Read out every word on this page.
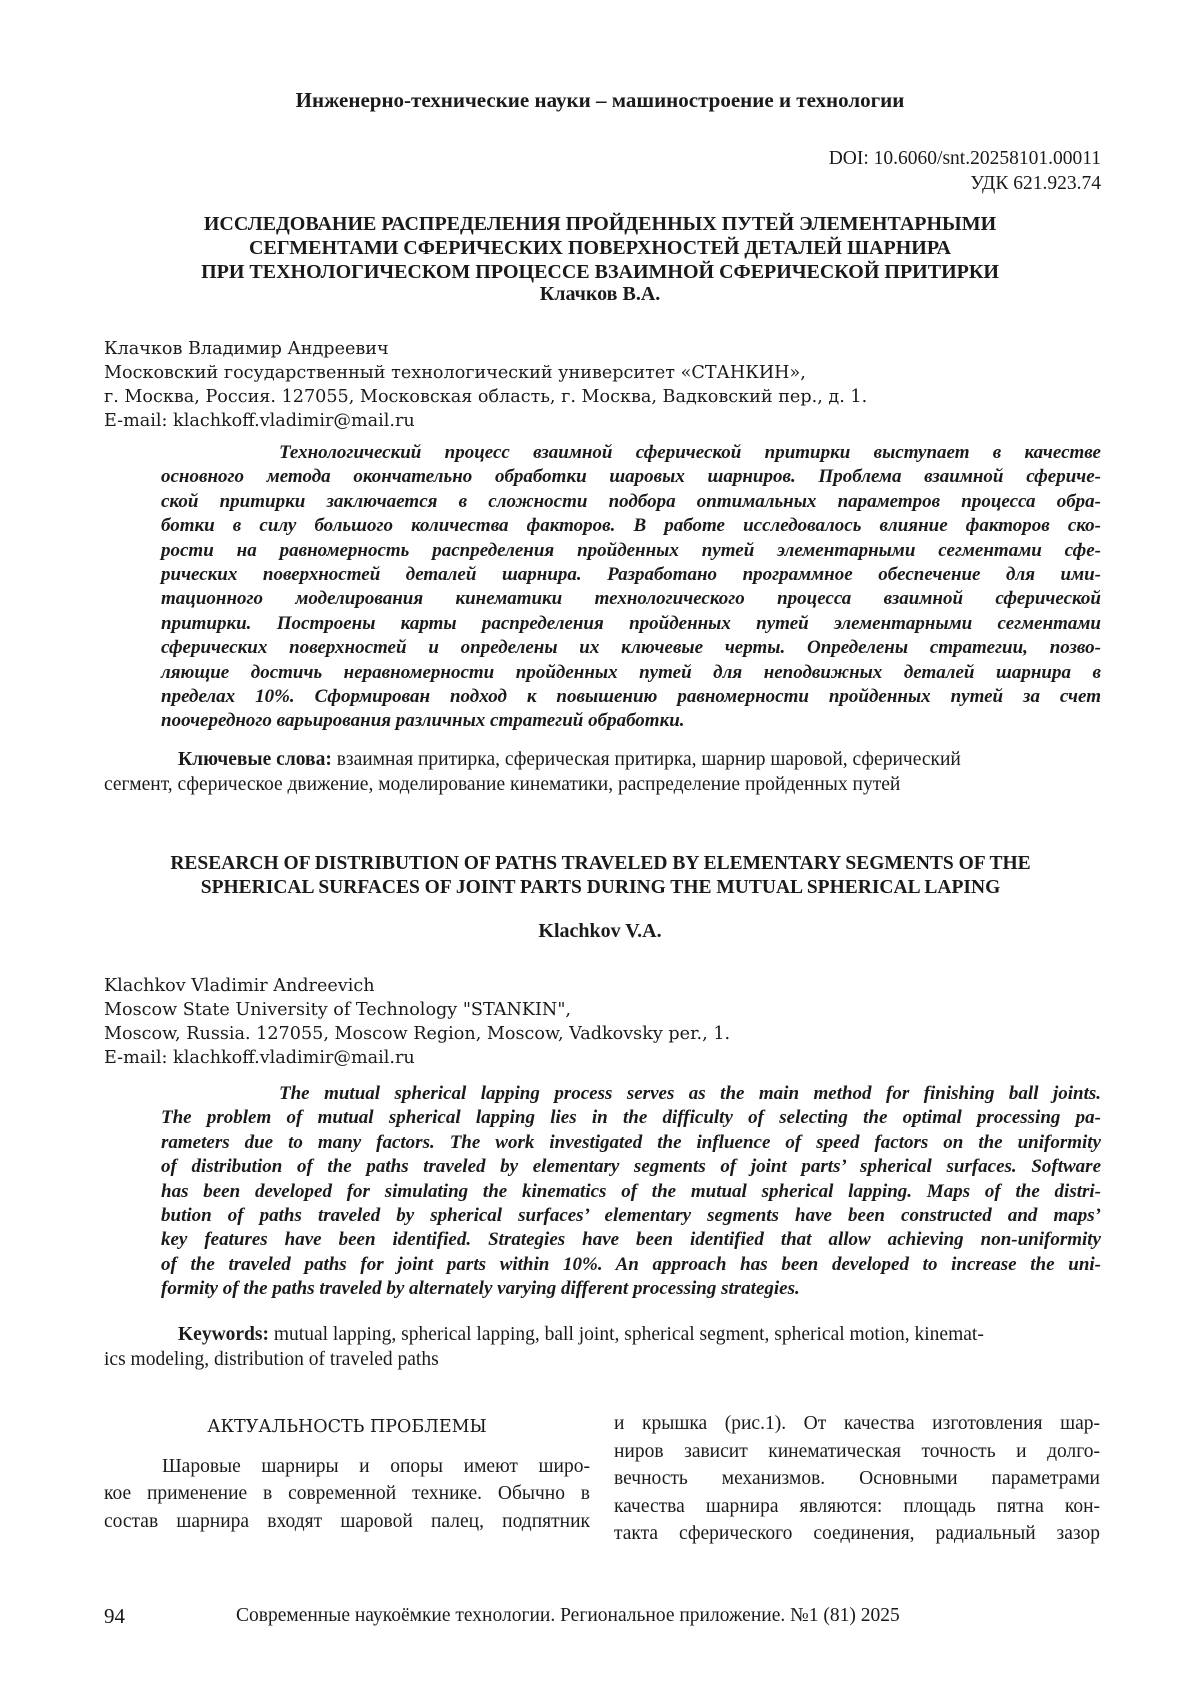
Инженерно-технические науки – машиностроение и технологии
DOI: 10.6060/snt.20258101.00011
УДК 621.923.74
ИССЛЕДОВАНИЕ РАСПРЕДЕЛЕНИЯ ПРОЙДЕННЫХ ПУТЕЙ ЭЛЕМЕНТАРНЫМИ
СЕГМЕНТАМИ СФЕРИЧЕСКИХ ПОВЕРХНОСТЕЙ ДЕТАЛЕЙ ШАРНИРА
ПРИ ТЕХНОЛОГИЧЕСКОМ ПРОЦЕССЕ ВЗАИМНОЙ СФЕРИЧЕСКОЙ ПРИТИРКИ
Клачков В.А.
Клачков Владимир Андреевич
Московский государственный технологический университет «СТАНКИН»,
г. Москва, Россия. 127055, Московская область, г. Москва, Вадковский пер., д. 1.
E-mail: klachkoff.vladimir@mail.ru
Технологический процесс взаимной сферической притирки выступает в качестве
основного метода окончательно обработки шаровых шарниров. Проблема взаимной сфериче-
ской притирки заключается в сложности подбора оптимальных параметров процесса обра-
ботки в силу большого количества факторов. В работе исследовалось влияние факторов ско-
рости на равномерность распределения пройденных путей элементарными сегментами сфе-
рических поверхностей деталей шарнира. Разработано программное обеспечение для ими-
тационного моделирования кинематики технологического процесса взаимной сферической
притирки. Построены карты распределения пройденных путей элементарными сегментами
сферических поверхностей и определены их ключевые черты. Определены стратегии, позво-
ляющие достичь неравномерности пройденных путей для неподвижных деталей шарнира в
пределах 10%. Сформирован подход к повышению равномерности пройденных путей за счет
поочередного варьирования различных стратегий обработки.
Ключевые слова: взаимная притирка, сферическая притирка, шарнир шаровой, сферический
сегмент, сферическое движение, моделирование кинематики, распределение пройденных путей
RESEARCH OF DISTRIBUTION OF PATHS TRAVELED BY ELEMENTARY SEGMENTS OF THE
SPHERICAL SURFACES OF JOINT PARTS DURING THE MUTUAL SPHERICAL LAPING
Klachkov V.A.
Klachkov Vladimir Andreevich
Moscow State University of Technology "STANKIN",
Moscow, Russia. 127055, Moscow Region, Moscow, Vadkovsky per., 1.
E-mail: klachkoff.vladimir@mail.ru
The mutual spherical lapping process serves as the main method for finishing ball joints.
The problem of mutual spherical lapping lies in the difficulty of selecting the optimal processing pa-
rameters due to many factors. The work investigated the influence of speed factors on the uniformity
of distribution of the paths traveled by elementary segments of joint parts’ spherical surfaces. Software
has been developed for simulating the kinematics of the mutual spherical lapping. Maps of the distri-
bution of paths traveled by spherical surfaces’ elementary segments have been constructed and maps’
key features have been identified. Strategies have been identified that allow achieving non-uniformity
of the traveled paths for joint parts within 10%. An approach has been developed to increase the uni-
formity of the paths traveled by alternately varying different processing strategies.
Keywords: mutual lapping, spherical lapping, ball joint, spherical segment, spherical motion, kinemat-
ics modeling, distribution of traveled paths
АКТУАЛЬНОСТЬ ПРОБЛЕМЫ
Шаровые шарниры и опоры имеют широ-
кое применение в современной технике. Обычно в
состав шарнира входят шаровой палец, подпятник
и крышка (рис.1). От качества изготовления шар-
ниров зависит кинематическая точность и долго-
вечность механизмов. Основными параметрами
качества шарнира являются: площадь пятна кон-
такта сферического соединения, радиальный зазор
94	Современные наукоёмкие технологии. Региональное приложение. №1 (81) 2025
